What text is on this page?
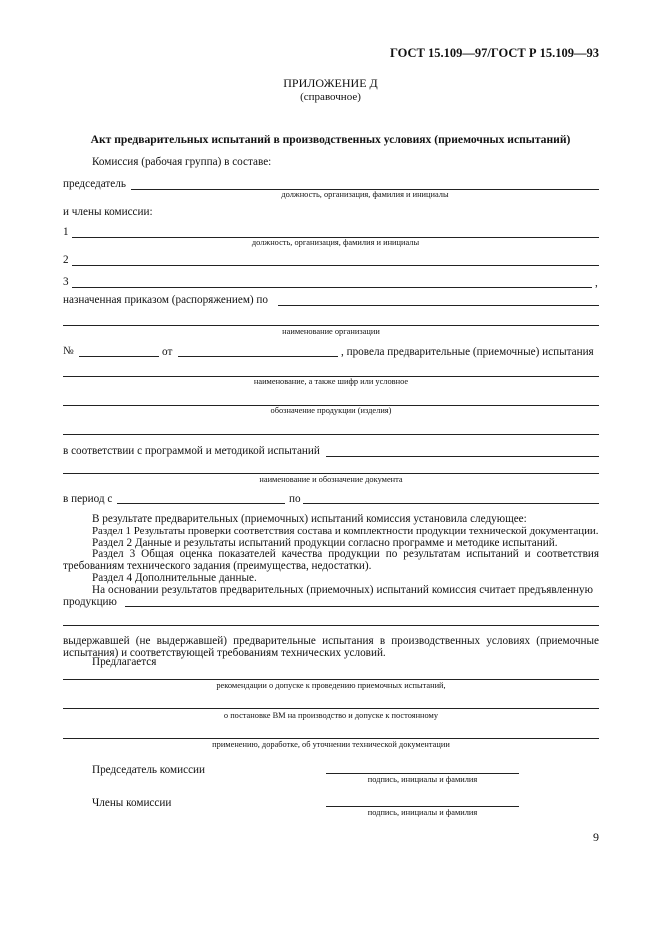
ГОСТ 15.109—97/ГОСТ Р 15.109—93
ПРИЛОЖЕНИЕ Д
(справочное)
Акт предварительных испытаний в производственных условиях (приемочных испытаний)
Комиссия (рабочая группа) в составе:
председатель
должность, организация, фамилия и инициалы
и члены комиссии:
1
должность, организация, фамилия и инициалы
2
3	,
назначенная приказом (распоряжением) по
наименование организации
№	от	, провела предварительные (приемочные) испытания
наименование, а также шифр или условное
обозначение продукции (изделия)
в соответствии с программой и методикой испытаний
наименование и обозначение документа
в период с	по
В результате предварительных (приемочных) испытаний комиссия установила следующее:
Раздел 1 Результаты проверки соответствия состава и комплектности продукции технической документации.
Раздел 2 Данные и результаты испытаний продукции согласно программе и методике испытаний.
Раздел 3 Общая оценка показателей качества продукции по результатам испытаний и соответствия требованиям технического задания (преимущества, недостатки).
Раздел 4 Дополнительные данные.
На основании результатов предварительных (приемочных) испытаний комиссия считает предъявленную продукцию
выдержавшей (не выдержавшей) предварительные испытания в производственных условиях (приемочные испытания) и соответствующей требованиям технических условий.
Предлагается
рекомендации о допуске к проведению приемочных испытаний,
о постановке ВМ на производство и допуске к постоянному
применению, доработке, об уточнении технической документации
Председатель комиссии
подпись, инициалы и фамилия
Члены комиссии
подпись, инициалы и фамилия
9
